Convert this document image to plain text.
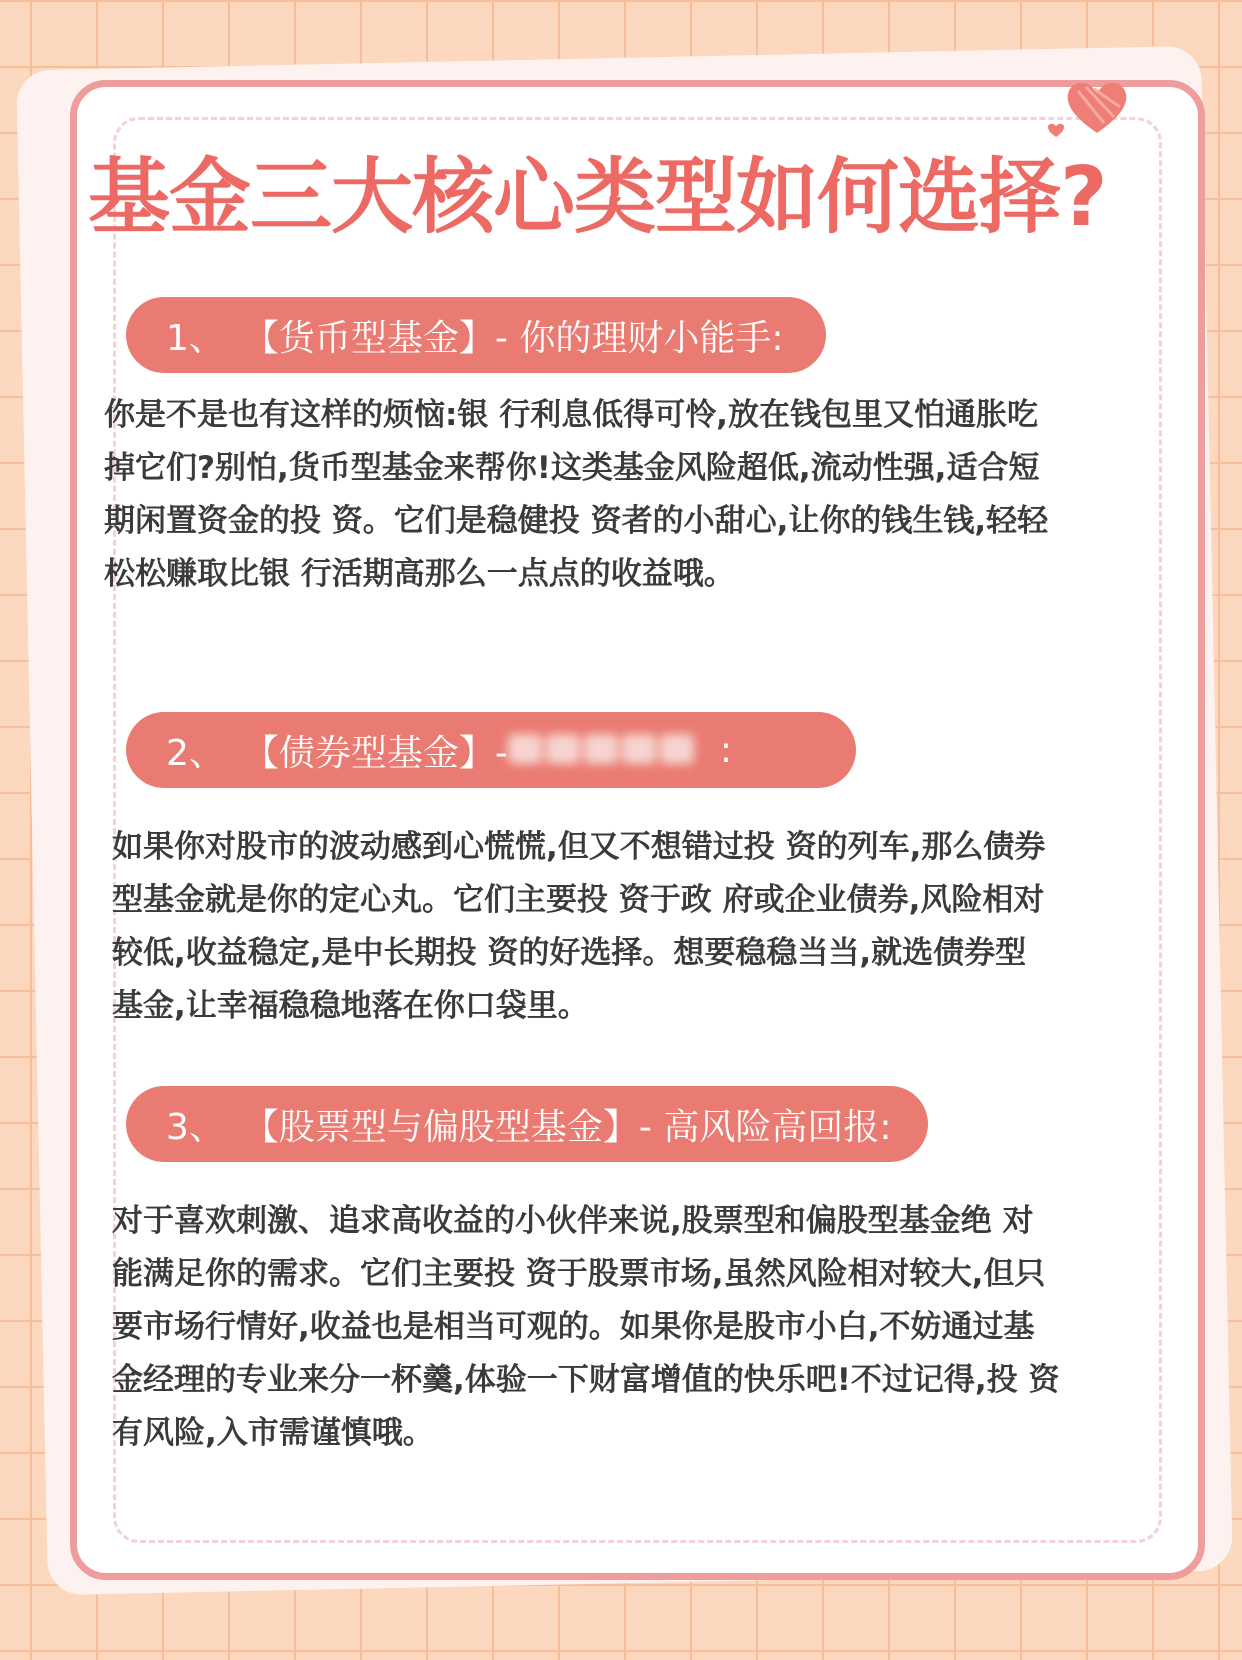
基金三大核心类型如何选择?
1、 【货币型基金】- 你的理财小能手:

你是不是也有这样的烦恼:银 行利息低得可怜,放在钱包里又怕通胀吃掉它们?别怕,货币型基金来帮你!这类基金风险超低,流动性强,适合短期闲置资金的投 资。它们是稳健投 资者的小甜心,让你的钱生钱,轻轻松松赚取比银 行活期高那么一点点的收益哦。

2、 【债券型基金】-	:

如果你对股市的波动感到心慌慌,但又不想错过投 资的列车,那么债券型基金就是你的定心丸。它们主要投 资于政 府或企业债券,风险相对较低,收益稳定,是中长期投 资的好选择。想要稳稳当当,就选债券型基金,让幸福稳稳地落在你口袋里。

3、 【股票型与偏股型基金】- 高风险高回报:

对于喜欢刺激、追求高收益的小伙伴来说,股票型和偏股型基金绝 对能满足你的需求。它们主要投 资于股票市场,虽然风险相对较大,但只要市场行情好,收益也是相当可观的。如果你是股市小白,不妨通过基金经理的专业来分一杯羹,体验一下财富增值的快乐吧!不过记得,投 资有风险,入市需谨慎哦。
